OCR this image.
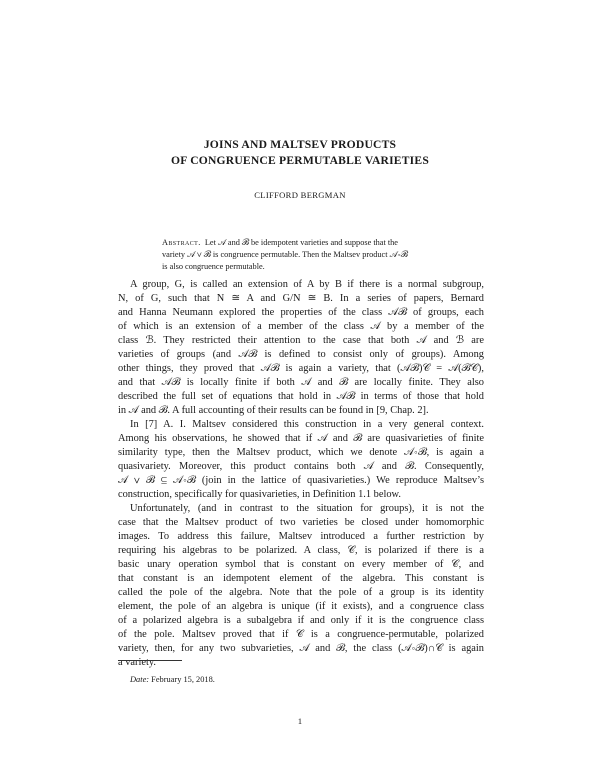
JOINS AND MALTSEV PRODUCTS
OF CONGRUENCE PERMUTABLE VARIETIES
CLIFFORD BERGMAN
Abstract. Let 𝒜 and ℬ be idempotent varieties and suppose that the
variety 𝒜 ∨ ℬ is congruence permutable. Then the Maltsev product 𝒜∘ℬ
is also congruence permutable.
A group, G, is called an extension of A by B if there is a normal subgroup,
N, of G, such that N ≅ A and G/N ≅ B. In a series of papers, Bernard
and Hanna Neumann explored the properties of the class 𝒜ℬ of groups, each
of which is an extension of a member of the class 𝒜 by a member of the
class ℬ. They restricted their attention to the case that both 𝒜 and ℬ are
varieties of groups (and 𝒜ℬ is defined to consist only of groups). Among
other things, they proved that 𝒜ℬ is again a variety, that (𝒜ℬ)𝒞 = 𝒜(ℬ𝒞),
and that 𝒜ℬ is locally finite if both 𝒜 and ℬ are locally finite. They also
described the full set of equations that hold in 𝒜ℬ in terms of those that hold
in 𝒜 and ℬ. A full accounting of their results can be found in [9, Chap. 2].
In [7] A. I. Maltsev considered this construction in a very general context.
Among his observations, he showed that if 𝒜 and ℬ are quasivarieties of finite
similarity type, then the Maltsev product, which we denote 𝒜∘ℬ, is again a
quasivariety. Moreover, this product contains both 𝒜 and ℬ. Consequently,
𝒜 ∨ ℬ ⊆ 𝒜∘ℬ (join in the lattice of quasivarieties.) We reproduce Maltsev’s
construction, specifically for quasivarieties, in Definition 1.1 below.
Unfortunately, (and in contrast to the situation for groups), it is not the
case that the Maltsev product of two varieties be closed under homomorphic
images. To address this failure, Maltsev introduced a further restriction by
requiring his algebras to be polarized. A class, 𝒞, is polarized if there is a
basic unary operation symbol that is constant on every member of 𝒞, and
that constant is an idempotent element of the algebra. This constant is
called the pole of the algebra. Note that the pole of a group is its identity
element, the pole of an algebra is unique (if it exists), and a congruence class
of a polarized algebra is a subalgebra if and only if it is the congruence class
of the pole. Maltsev proved that if 𝒞 is a congruence-permutable, polarized
variety, then, for any two subvarieties, 𝒜 and ℬ, the class (𝒜∘ℬ)∩𝒞 is again
a variety.
Date: February 15, 2018.
1
